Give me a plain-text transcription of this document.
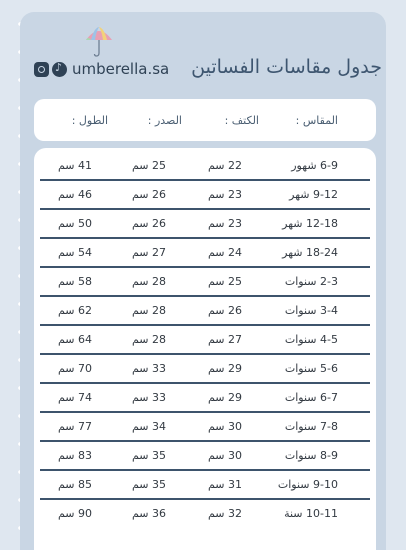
جدول مقاسات الفساتين
♪
umberella.sa
المقاس :
الكتف :
الصدر :
الطول :
6-9 شهور
22 سم
25 سم
41 سم
9-12 شهر
23 سم
26 سم
46 سم
12-18 شهر
23 سم
26 سم
50 سم
18-24 شهر
24 سم
27 سم
54 سم
2-3 سنوات
25 سم
28 سم
58 سم
3-4 سنوات
26 سم
28 سم
62 سم
4-5 سنوات
27 سم
28 سم
64 سم
5-6 سنوات
29 سم
33 سم
70 سم
6-7 سنوات
29 سم
33 سم
74 سم
7-8 سنوات
30 سم
34 سم
77 سم
8-9 سنوات
30 سم
35 سم
83 سم
9-10 سنوات
31 سم
35 سم
85 سم
10-11 سنة
32 سم
36 سم
90 سم
